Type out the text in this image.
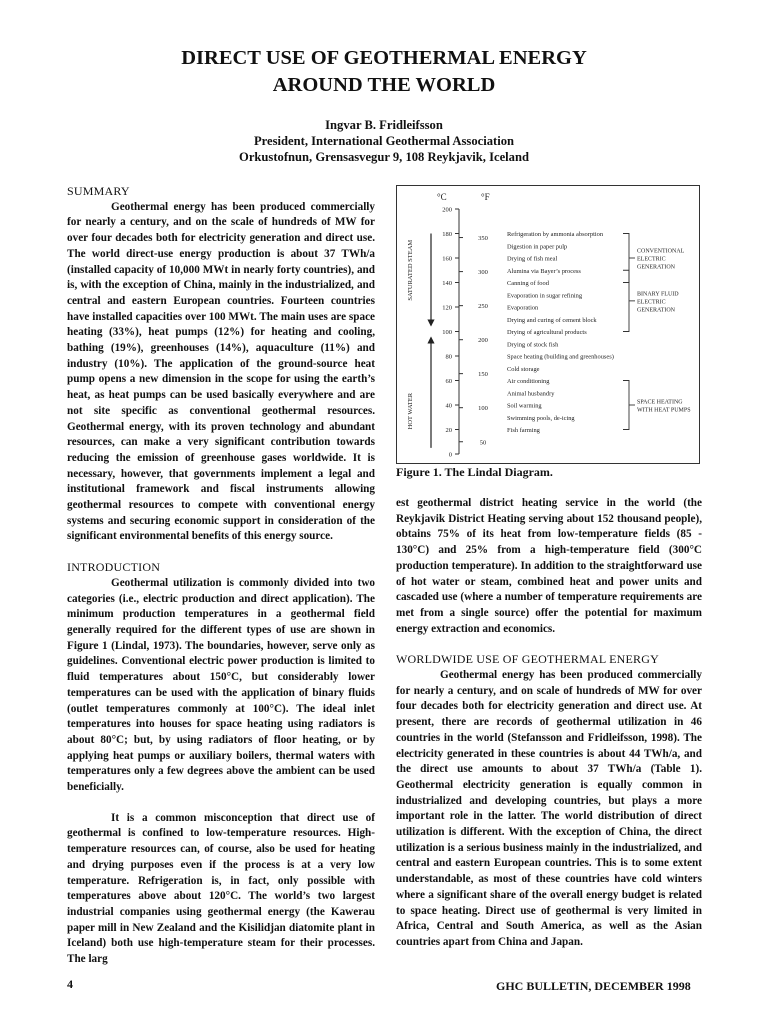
DIRECT USE OF GEOTHERMAL ENERGY
AROUND THE WORLD
Ingvar B. Fridleifsson
President, International Geothermal Association
Orkustofnun, Grensasvegur 9, 108 Reykjavik, Iceland
SUMMARY

Geothermal energy has been produced commercially for nearly a century, and on the scale of hundreds of MW for over four decades both for electricity generation and direct use. The world direct-use energy production is about 37 TWh/a (installed capacity of 10,000 MWt in nearly forty countries), and is, with the exception of China, mainly in the industrialized, and central and eastern European countries. Fourteen countries have installed capacities over 100 MWt. The main uses are space heating (33%), heat pumps (12%) for heating and cooling, bathing (19%), greenhouses (14%), aquaculture (11%) and industry (10%). The application of the ground-source heat pump opens a new dimension in the scope for using the earth’s heat, as heat pumps can be used basically everywhere and are not site specific as conventional geothermal resources. Geothermal energy, with its proven technology and abundant resources, can make a very significant contribution towards reducing the emission of greenhouse gases worldwide. It is necessary, however, that governments implement a legal and institutional framework and fiscal instruments allowing geothermal resources to compete with conventional energy systems and securing economic support in consideration of the significant environmental benefits of this energy source.

INTRODUCTION

Geothermal utilization is commonly divided into two categories (i.e., electric production and direct application). The minimum production temperatures in a geothermal field generally required for the different types of use are shown in Figure 1 (Lindal, 1973). The boundaries, however, serve only as guidelines. Conventional electric power production is limited to fluid temperatures about 150°C, but considerably lower temperatures can be used with the application of binary fluids (outlet temperatures commonly at 100°C). The ideal inlet temperatures into houses for space heating using radiators is about 80°C; but, by using radiators of floor heating, or by applying heat pumps or auxiliary boilers, thermal waters with temperatures only a few degrees above the ambient can be used beneficially.

It is a common misconception that direct use of geothermal is confined to low-temperature resources. High-temperature resources can, of course, also be used for heating and drying purposes even if the process is at a very low temperature. Refrigeration is, in fact, only possible with temperatures above about 120°C. The world’s two largest industrial companies using geothermal energy (the Kawerau paper mill in New Zealand and the Kisilidjan diatomite plant in Iceland) both use high-temperature steam for their processes. The larg

°C	°F
200
180
160
140
120
100
80
60
40
20
0
350
300
250
200
150
100
50
SATURATED STEAM
HOT WATER
Refrigeration by ammonia absorption
Digestion in paper pulp
Drying of fish meal
Alumina via Bayer’s process
Canning of food
Evaporation in sugar refining
Evaporation
Drying and curing of cement block
Drying of agricultural products
Drying of stock fish
Space heating (building and greenhouses)
Cold storage
Air conditioning
Animal husbandry
Soil warming
Swimming pools, de-icing
Fish farming
CONVENTIONAL
ELECTRIC
GENERATION
BINARY FLUID
ELECTRIC
GENERATION
SPACE HEATING
WITH HEAT PUMPS
Figure 1. The Lindal Diagram.

est geothermal district heating service in the world (the Reykjavik District Heating serving about 152 thousand people), obtains 75% of its heat from low-temperature fields (85 - 130°C) and 25% from a high-temperature field (300°C production temperature). In addition to the straightforward use of hot water or steam, combined heat and power units and cascaded use (where a number of temperature requirements are met from a single source) offer the potential for maximum energy extraction and economics.

WORLDWIDE USE OF GEOTHERMAL ENERGY

Geothermal energy has been produced commercially for nearly a century, and on scale of hundreds of MW for over four decades both for electricity generation and direct use. At present, there are records of geothermal utilization in 46 countries in the world (Stefansson and Fridleifsson, 1998). The electricity generated in these countries is about 44 TWh/a, and the direct use amounts to about 37 TWh/a (Table 1). Geothermal electricity generation is equally common in industrialized and developing countries, but plays a more important role in the latter. The world distribution of direct utilization is different. With the exception of China, the direct utilization is a serious business mainly in the industrialized, and central and eastern European countries. This is to some extent understandable, as most of these countries have cold winters where a significant share of the overall energy budget is related to space heating. Direct use of geothermal is very limited in Africa, Central and South America, as well as the Asian countries apart from China and Japan.

4	GHC BULLETIN, DECEMBER 1998
